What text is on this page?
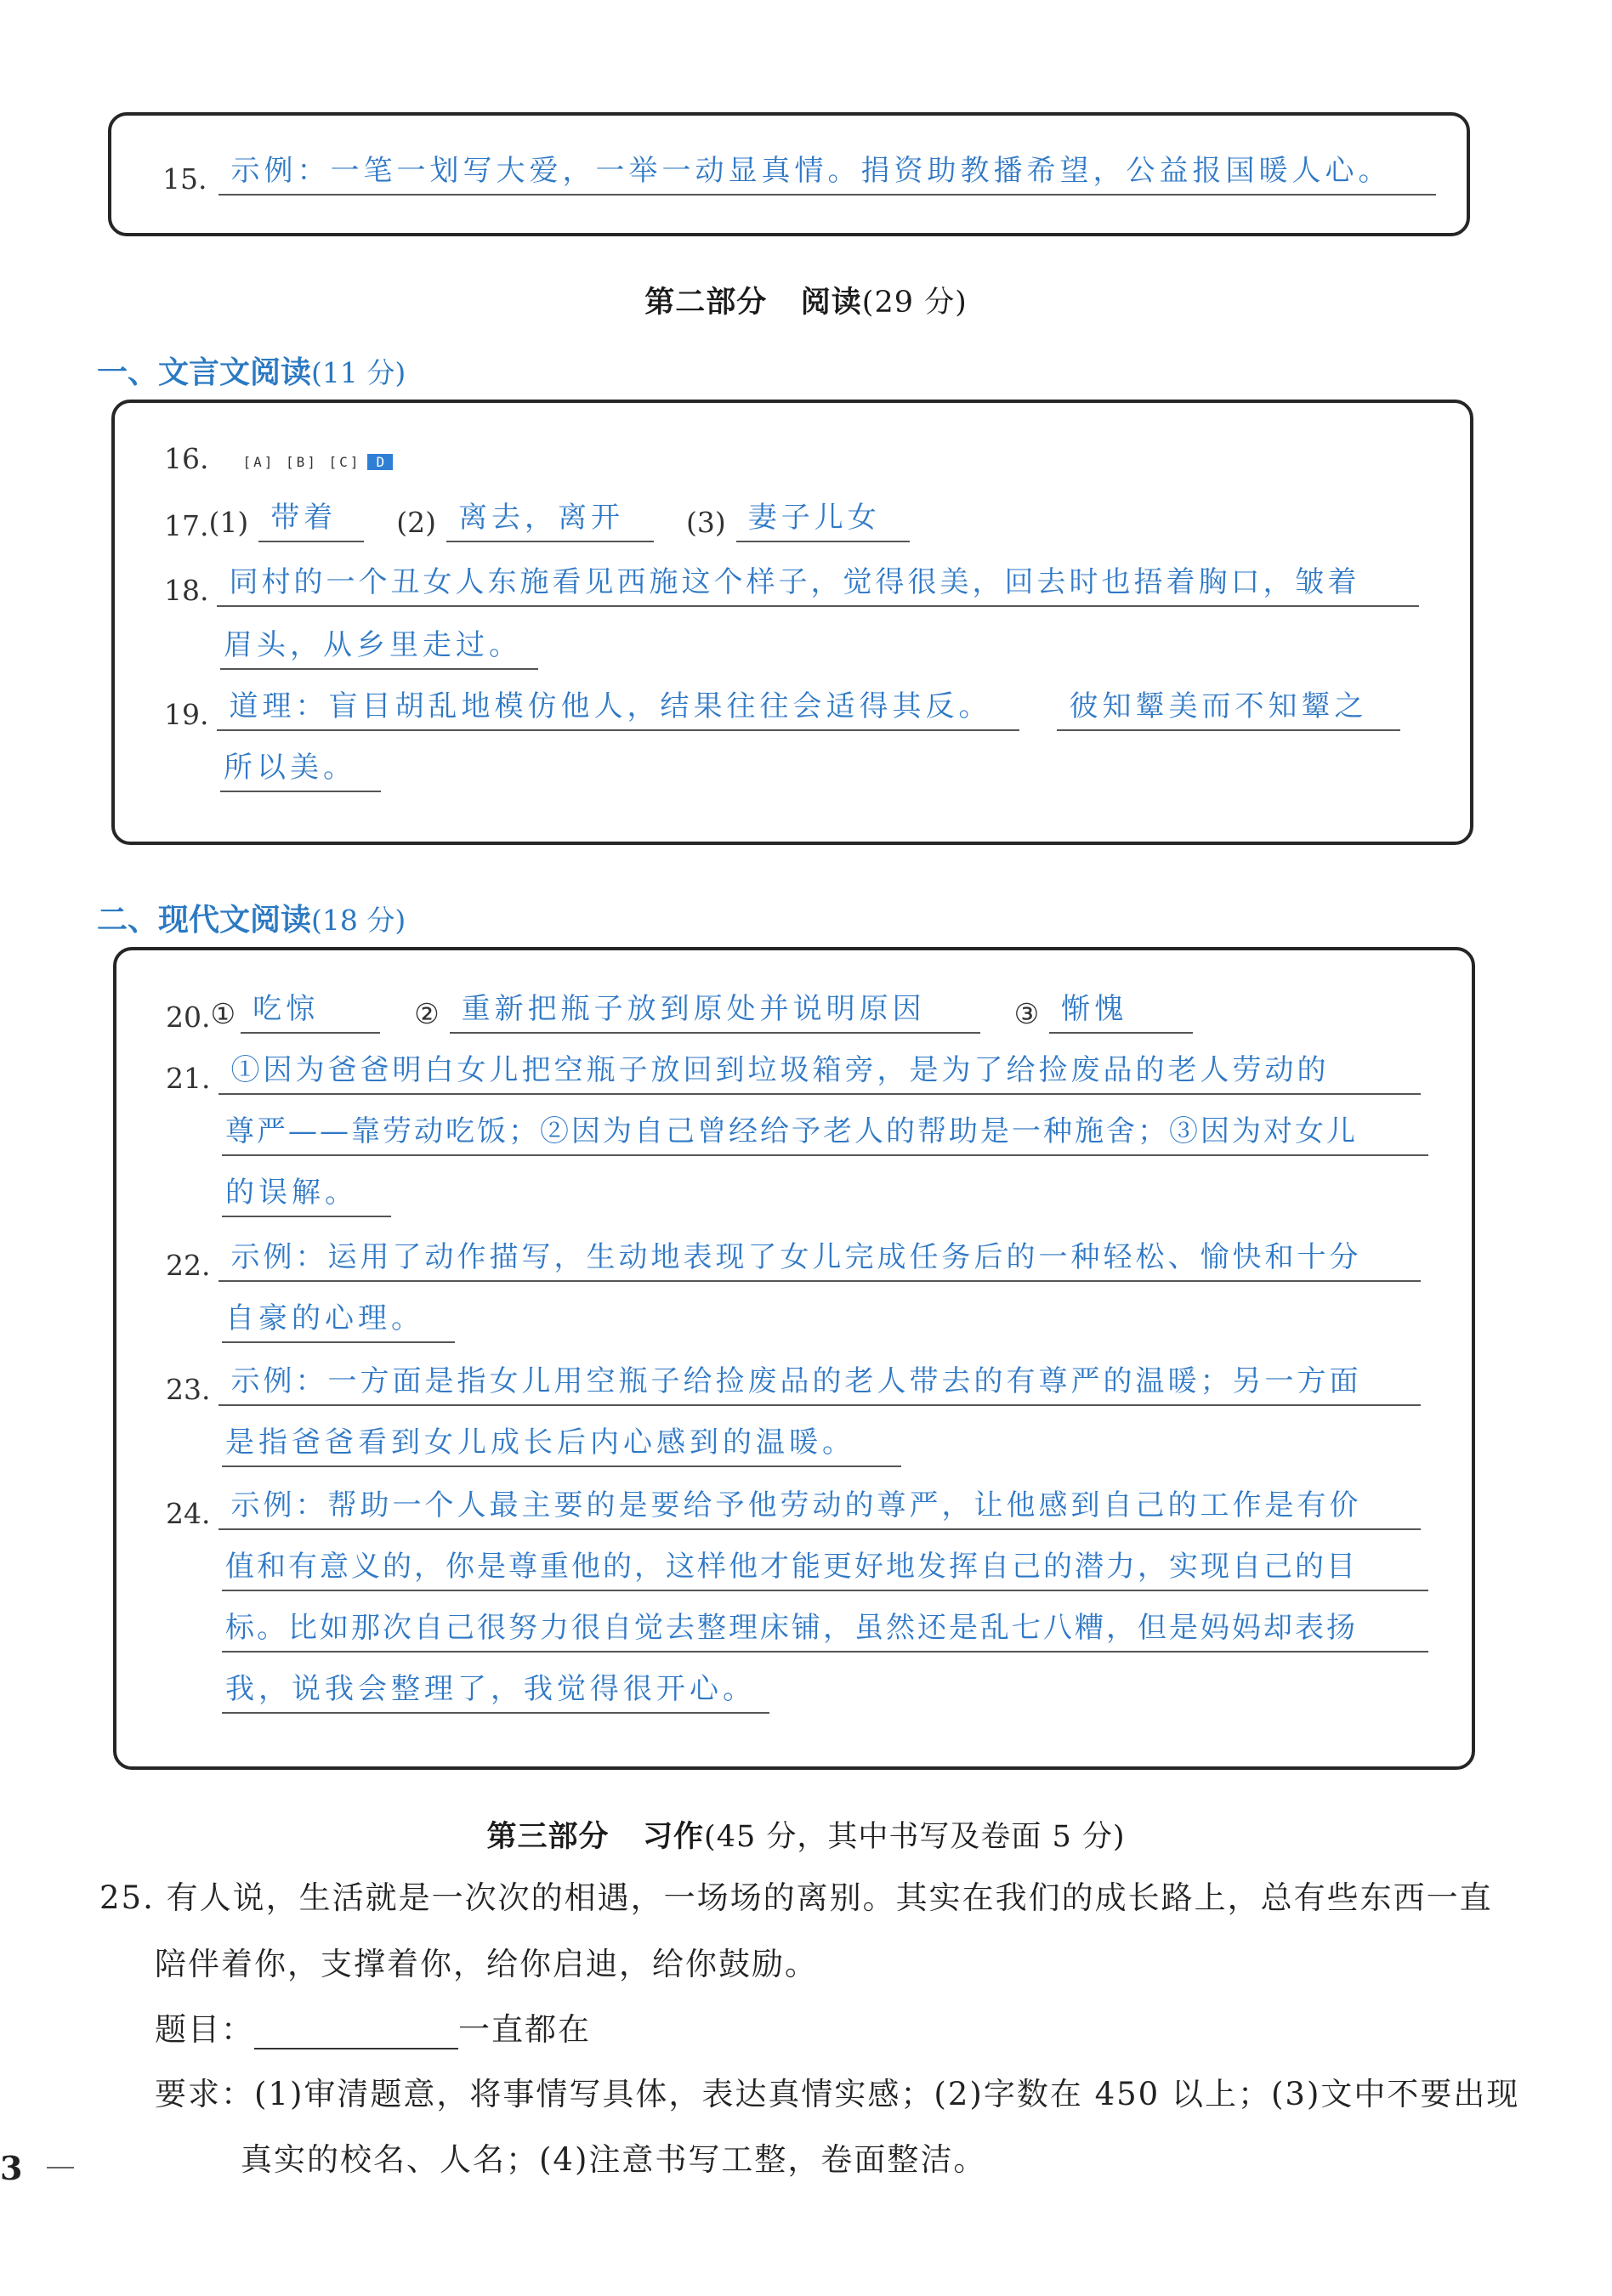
15. 示例：一笔一划写大爱，一举一动显真情。捐资助教播希望，公益报国暖人心。
第二部分 阅读(29 分)
一、文言文阅读(11 分)
16.	[A] [B] [C]	D
17. (1) 带着	(2) 离去，离开	(3) 妻子儿女
18. 同村的一个丑女人东施看见西施这个样子，觉得很美，回去时也捂着胸口，皱着
眉头，从乡里走过。
19. 道理：盲目胡乱地模仿他人，结果往往会适得其反。	彼知颦美而不知颦之
所以美。
二、现代文阅读(18 分)
20. ① 吃惊	② 重新把瓶子放到原处并说明原因	③ 惭愧
21. ①因为爸爸明白女儿把空瓶子放回到垃圾箱旁，是为了给捡废品的老人劳动的
尊严——靠劳动吃饭；②因为自己曾经给予老人的帮助是一种施舍；③因为对女儿
的误解。
22. 示例：运用了动作描写，生动地表现了女儿完成任务后的一种轻松、愉快和十分
自豪的心理。
23. 示例：一方面是指女儿用空瓶子给捡废品的老人带去的有尊严的温暖；另一方面
是指爸爸看到女儿成长后内心感到的温暖。
24. 示例：帮助一个人最主要的是要给予他劳动的尊严，让他感到自己的工作是有价
值和有意义的，你是尊重他的，这样他才能更好地发挥自己的潜力，实现自己的目
标。比如那次自己很努力很自觉去整理床铺，虽然还是乱七八糟，但是妈妈却表扬
我，说我会整理了，我觉得很开心。
第三部分 习作(45 分，其中书写及卷面 5 分)
25. 有人说，生活就是一次次的相遇，一场场的离别。其实在我们的成长路上，总有些东西一直
陪伴着你，支撑着你，给你启迪，给你鼓励。
题目：	一直都在
要求：(1)审清题意，将事情写具体，表达真情实感；(2)字数在 450 以上；(3)文中不要出现
真实的校名、人名；(4)注意书写工整，卷面整洁。
3
